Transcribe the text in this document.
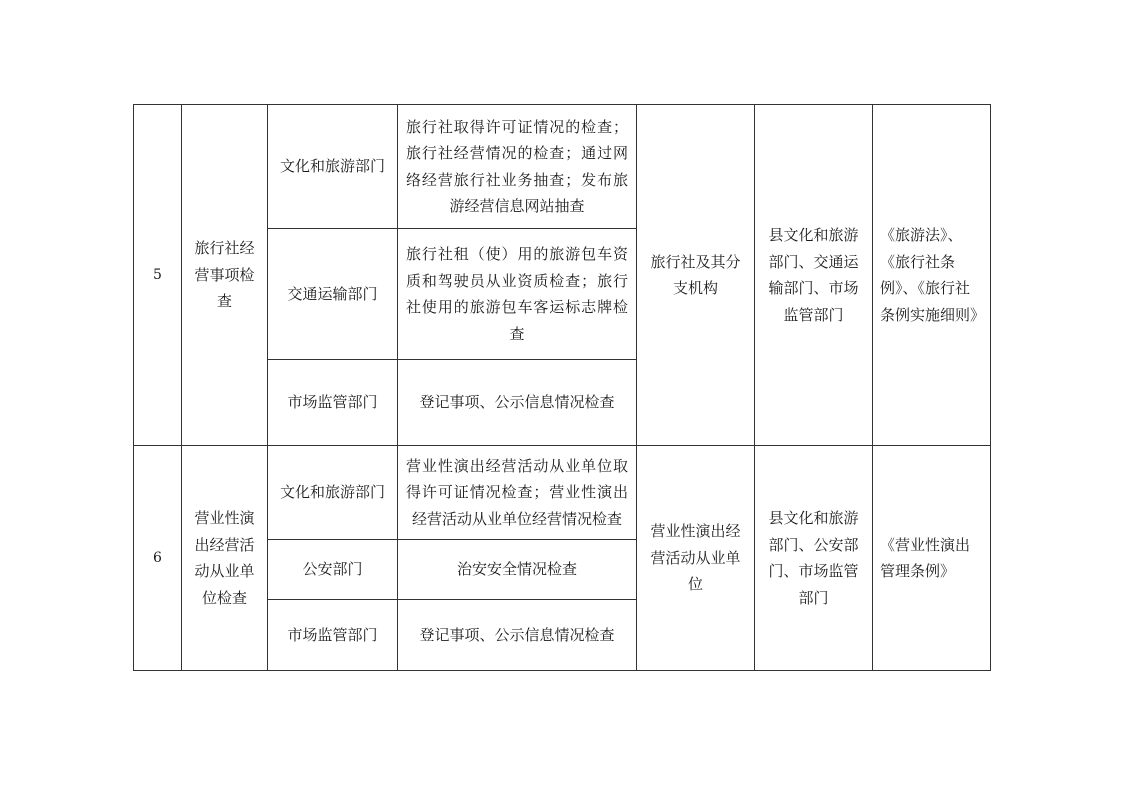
5	旅行社经营事项检查	文化和旅游部门	旅行社取得许可证情况的检查；旅行社经营情况的检查；通过网络经营旅行社业务抽查；发布旅游经营信息网站抽查	旅行社及其分支机构	县文化和旅游部门、交通运输部门、市场监管部门	《旅游法》、《旅行社条例》、《旅行社条例实施细则》
		交通运输部门	旅行社租（使）用的旅游包车资质和驾驶员从业资质检查；旅行社使用的旅游包车客运标志牌检查			
		市场监管部门	登记事项、公示信息情况检查			
6	营业性演出经营活动从业单位检查	文化和旅游部门	营业性演出经营活动从业单位取得许可证情况检查；营业性演出经营活动从业单位经营情况检查	营业性演出经营活动从业单位	县文化和旅游部门、公安部门、市场监管部门	《营业性演出管理条例》
		公安部门	治安安全情况检查			
		市场监管部门	登记事项、公示信息情况检查			
